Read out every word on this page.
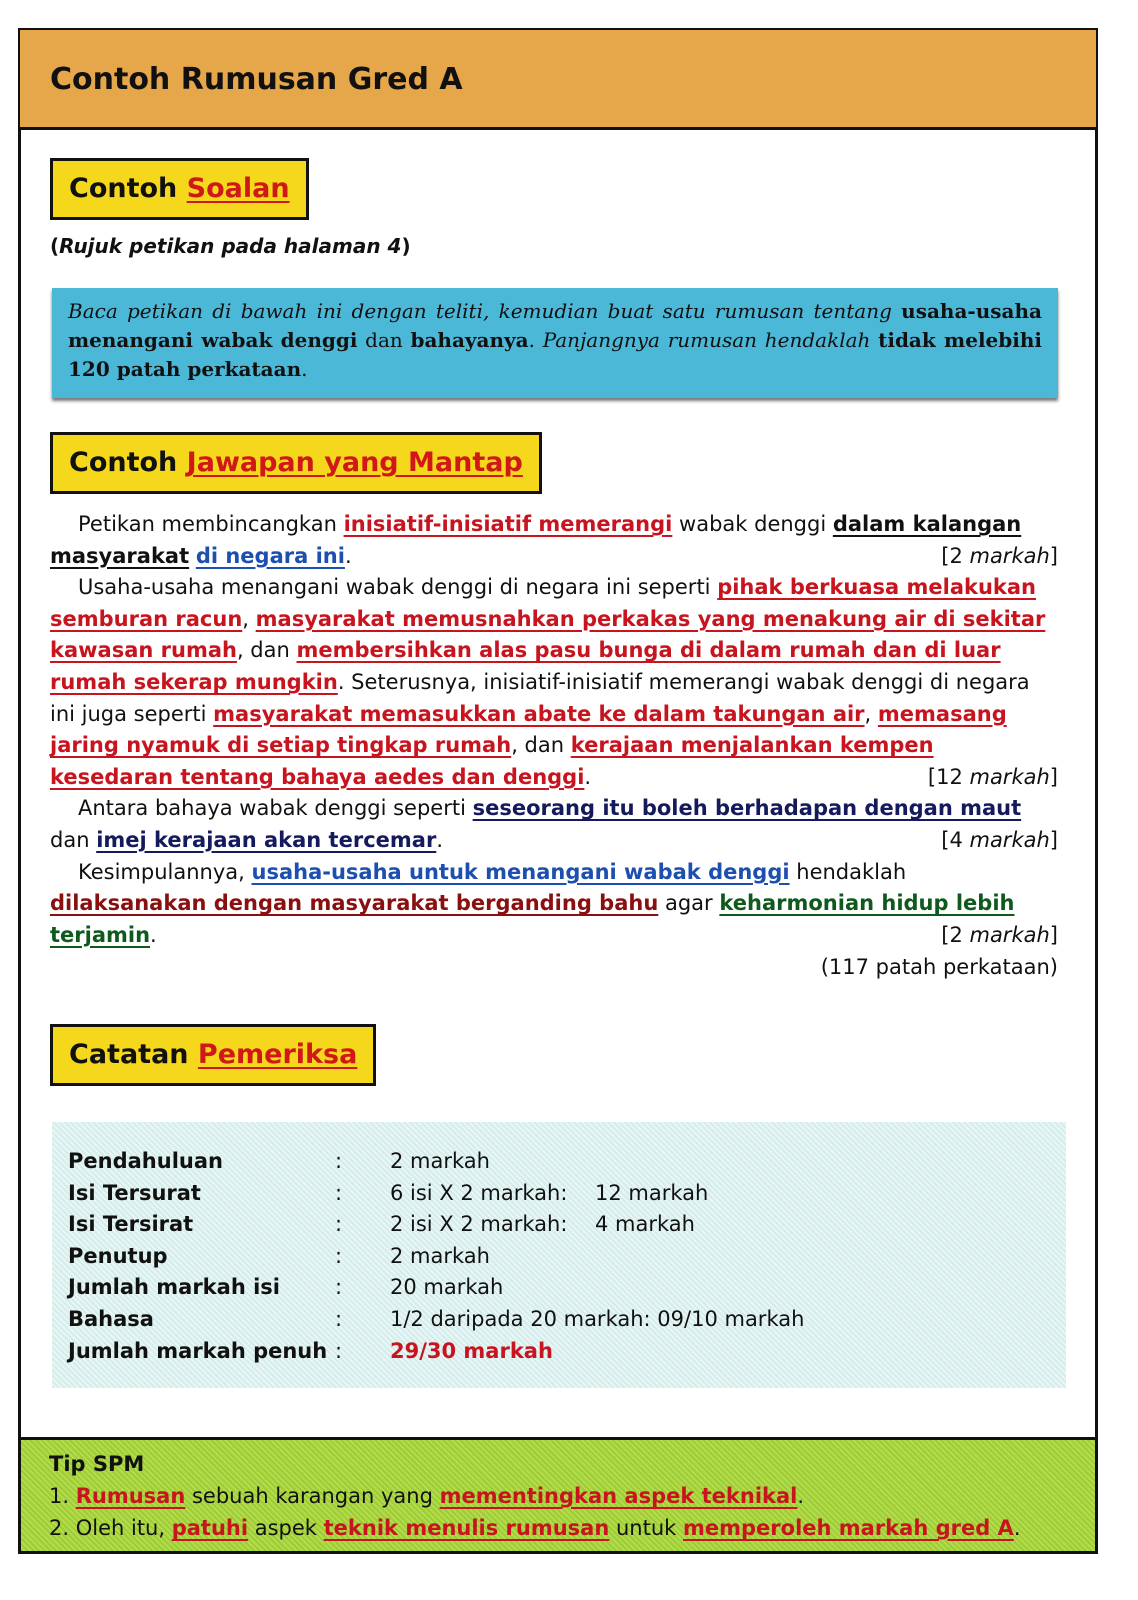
Contoh Rumusan Gred A
Contoh Soalan
(Rujuk petikan pada halaman 4)
Baca petikan di bawah ini dengan teliti, kemudian buat satu rumusan tentang usaha-usaha menangani wabak denggi dan bahayanya. Panjangnya rumusan hendaklah tidak melebihi 120 patah perkataan.
Contoh Jawapan yang Mantap

Petikan membincangkan inisiatif-inisiatif memerangi wabak denggi dalam kalangan masyarakat di negara ini.	[2 markah]

Usaha-usaha menangani wabak denggi di negara ini seperti pihak berkuasa melakukan semburan racun, masyarakat memusnahkan perkakas yang menakung air di sekitar kawasan rumah, dan membersihkan alas pasu bunga di dalam rumah dan di luar rumah sekerap mungkin. Seterusnya, inisiatif-inisiatif memerangi wabak denggi di negara ini juga seperti masyarakat memasukkan abate ke dalam takungan air, memasang jaring nyamuk di setiap tingkap rumah, dan kerajaan menjalankan kempen kesedaran tentang bahaya aedes dan denggi.	[12 markah]

Antara bahaya wabak denggi seperti seseorang itu boleh berhadapan dengan maut dan imej kerajaan akan tercemar.	[4 markah]

Kesimpulannya, usaha-usaha untuk menangani wabak denggi hendaklah dilaksanakan dengan masyarakat berganding bahu agar keharmonian hidup lebih terjamin.	[2 markah]

(117 patah perkataan)
Catatan Pemeriksa
Pendahuluan	: 2 markah
Isi Tersurat	: 6 isi X 2 markah: 12 markah
Isi Tersirat	: 2 isi X 2 markah: 4 markah
Penutup	: 2 markah
Jumlah markah isi	: 20 markah
Bahasa	: 1/2 daripada 20 markah: 09/10 markah
Jumlah markah penuh : 29/30 markah
Tip SPM
1. Rumusan sebuah karangan yang mementingkan aspek teknikal.
2. Oleh itu, patuhi aspek teknik menulis rumusan untuk memperoleh markah gred A.
